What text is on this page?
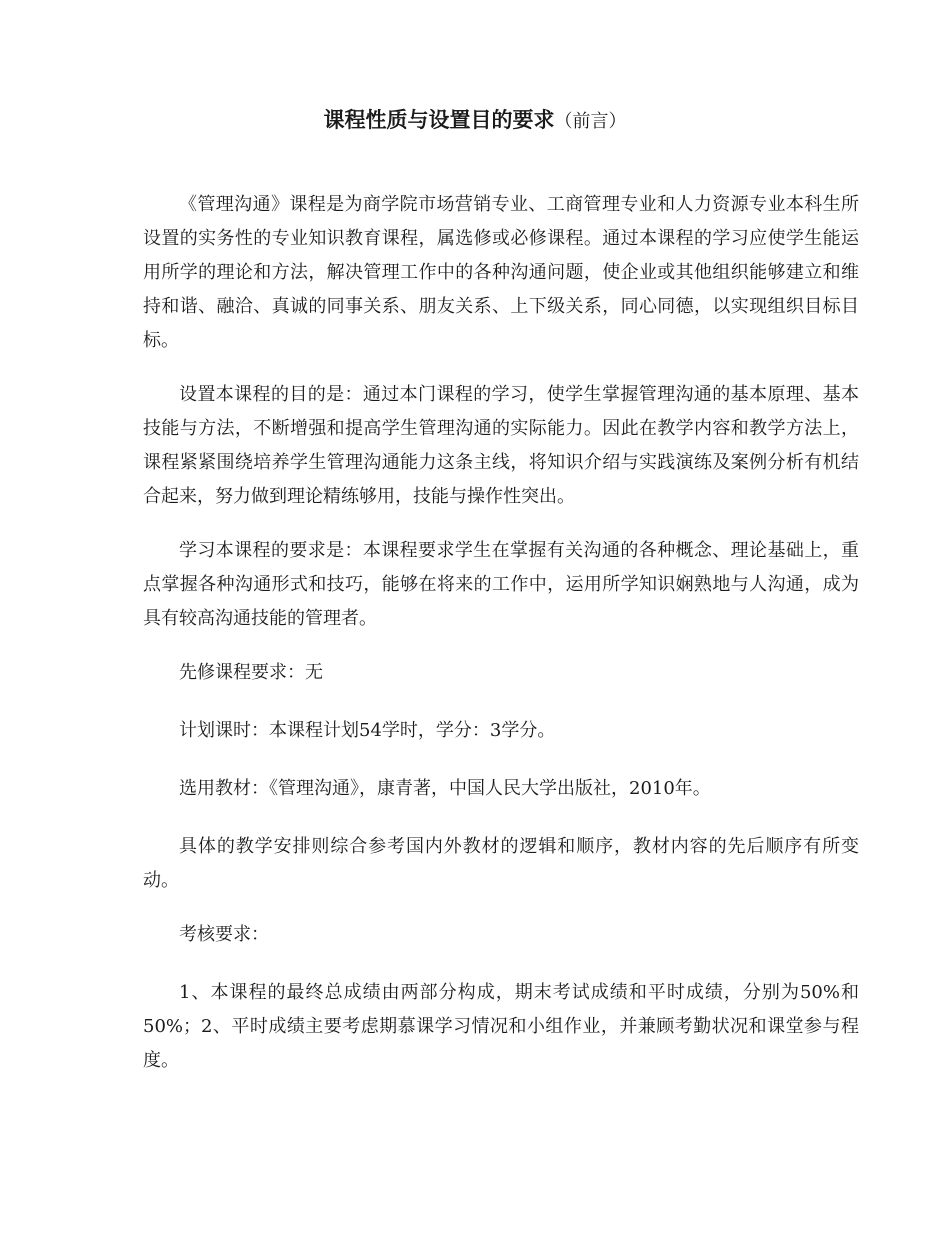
课程性质与设置目的要求（前言）

《管理沟通》课程是为商学院市场营销专业、工商管理专业和人力资源专业本科生所设置的实务性的专业知识教育课程，属选修或必修课程。通过本课程的学习应使学生能运用所学的理论和方法，解决管理工作中的各种沟通问题，使企业或其他组织能够建立和维持和谐、融洽、真诚的同事关系、朋友关系、上下级关系，同心同德，以实现组织目标目标。

设置本课程的目的是：通过本门课程的学习，使学生掌握管理沟通的基本原理、基本技能与方法，不断增强和提高学生管理沟通的实际能力。因此在教学内容和教学方法上，课程紧紧围绕培养学生管理沟通能力这条主线，将知识介绍与实践演练及案例分析有机结合起来，努力做到理论精练够用，技能与操作性突出。

学习本课程的要求是：本课程要求学生在掌握有关沟通的各种概念、理论基础上，重点掌握各种沟通形式和技巧，能够在将来的工作中，运用所学知识娴熟地与人沟通，成为具有较高沟通技能的管理者。

先修课程要求：无

计划课时：本课程计划54学时，学分：3学分。

选用教材：《管理沟通》，康青著，中国人民大学出版社，2010年。

具体的教学安排则综合参考国内外教材的逻辑和顺序，教材内容的先后顺序有所变动。

考核要求：

1、本课程的最终总成绩由两部分构成，期末考试成绩和平时成绩，分别为50%和50%；2、平时成绩主要考虑期慕课学习情况和小组作业，并兼顾考勤状况和课堂参与程度。
